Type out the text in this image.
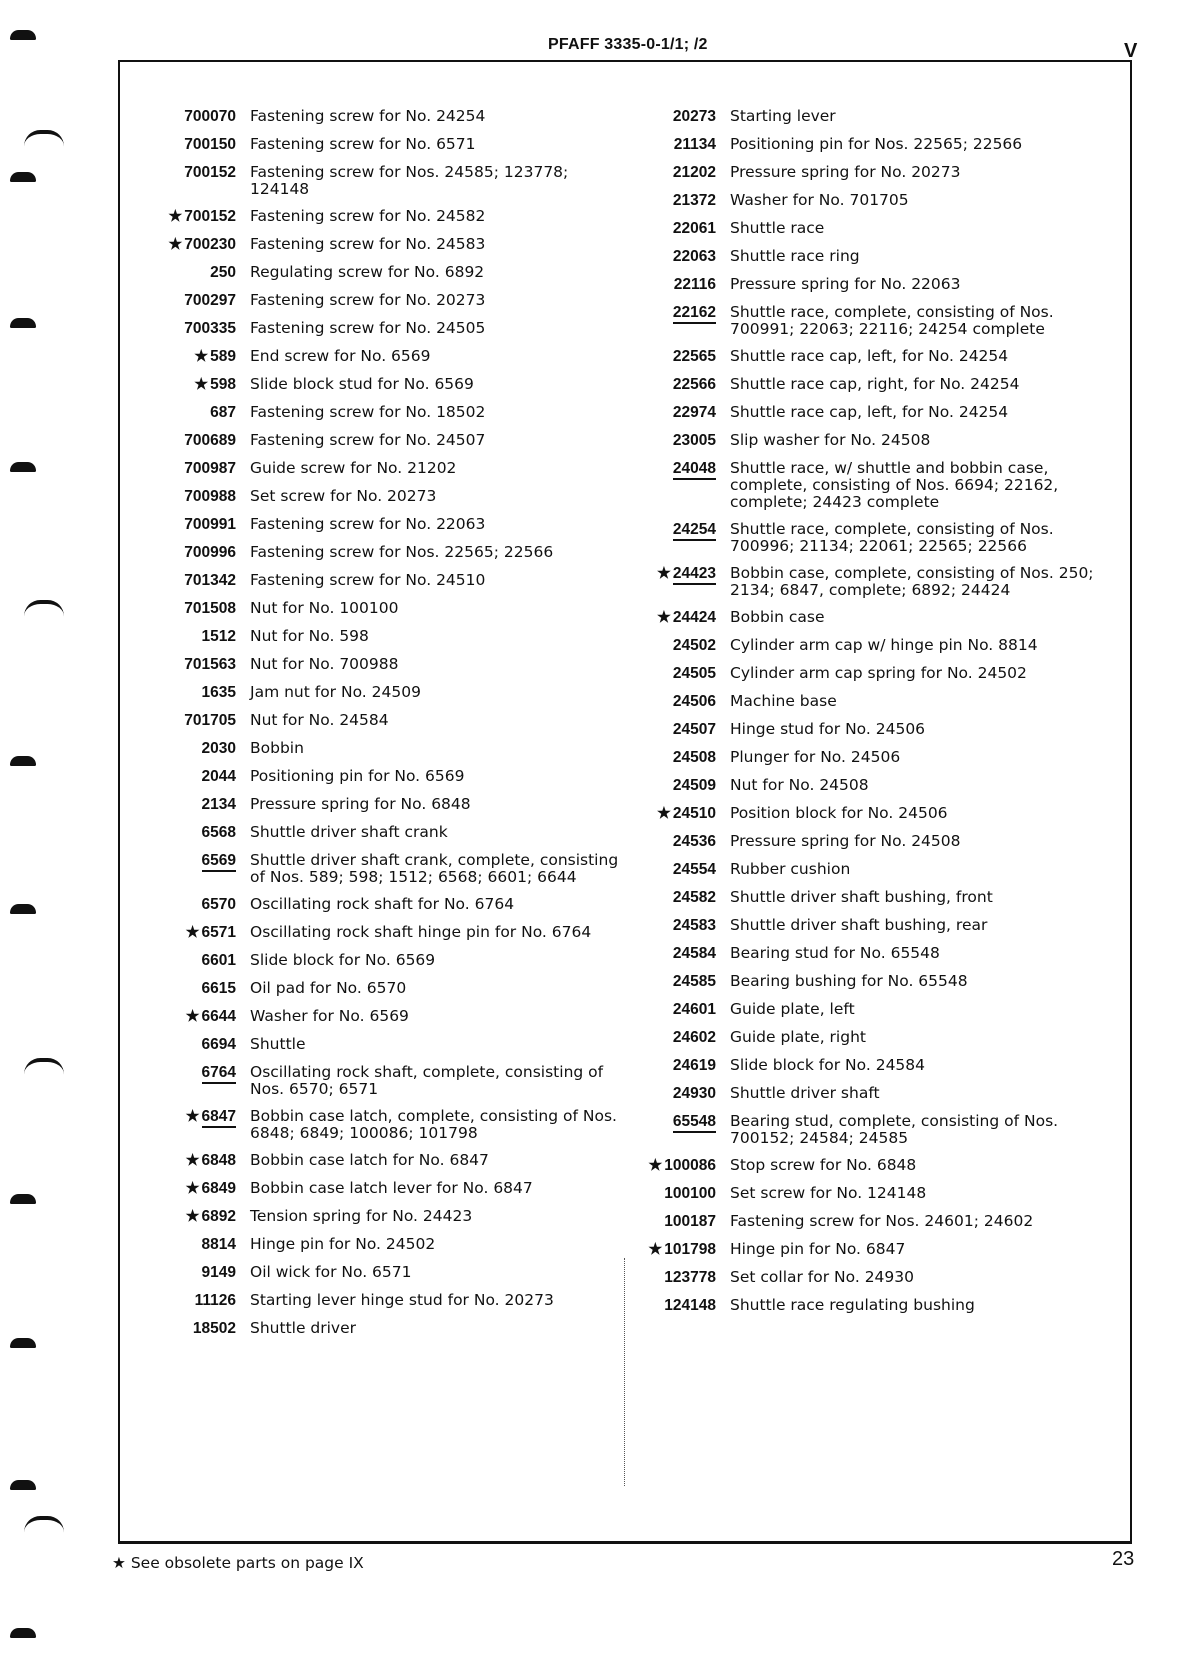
PFAFF 3335-0-1/1; /2	V
700070 Fastening screw for No. 24254
700150 Fastening screw for No. 6571
700152 Fastening screw for Nos. 24585; 123778; 124148
★ 700152 Fastening screw for No. 24582
★ 700230 Fastening screw for No. 24583
250 Regulating screw for No. 6892
700297 Fastening screw for No. 20273
700335 Fastening screw for No. 24505
★ 589 End screw for No. 6569
★ 598 Slide block stud for No. 6569
687 Fastening screw for No. 18502
700689 Fastening screw for No. 24507
700987 Guide screw for No. 21202
700988 Set screw for No. 20273
700991 Fastening screw for No. 22063
700996 Fastening screw for Nos. 22565; 22566
701342 Fastening screw for No. 24510
701508 Nut for No. 100100
1512 Nut for No. 598
701563 Nut for No. 700988
1635 Jam nut for No. 24509
701705 Nut for No. 24584
2030 Bobbin
2044 Positioning pin for No. 6569
2134 Pressure spring for No. 6848
6568 Shuttle driver shaft crank
6569 Shuttle driver shaft crank, complete, consisting of Nos. 589; 598; 1512; 6568; 6601; 6644
6570 Oscillating rock shaft for No. 6764
★ 6571 Oscillating rock shaft hinge pin for No. 6764
6601 Slide block for No. 6569
6615 Oil pad for No. 6570
★ 6644 Washer for No. 6569
6694 Shuttle
6764 Oscillating rock shaft, complete, consisting of Nos. 6570; 6571
★ 6847 Bobbin case latch, complete, consisting of Nos. 6848; 6849; 100086; 101798
★ 6848 Bobbin case latch for No. 6847
★ 6849 Bobbin case latch lever for No. 6847
★ 6892 Tension spring for No. 24423
8814 Hinge pin for No. 24502
9149 Oil wick for No. 6571
11126 Starting lever hinge stud for No. 20273
18502 Shuttle driver
20273 Starting lever
21134 Positioning pin for Nos. 22565; 22566
21202 Pressure spring for No. 20273
21372 Washer for No. 701705
22061 Shuttle race
22063 Shuttle race ring
22116 Pressure spring for No. 22063
22162 Shuttle race, complete, consisting of Nos. 700991; 22063; 22116; 24254 complete
22565 Shuttle race cap, left, for No. 24254
22566 Shuttle race cap, right, for No. 24254
22974 Shuttle race cap, left, for No. 24254
23005 Slip washer for No. 24508
24048 Shuttle race, w/ shuttle and bobbin case, complete, consisting of Nos. 6694; 22162, complete; 24423 complete
24254 Shuttle race, complete, consisting of Nos. 700996; 21134; 22061; 22565; 22566
★ 24423 Bobbin case, complete, consisting of Nos. 250; 2134; 6847, complete; 6892; 24424
★ 24424 Bobbin case
24502 Cylinder arm cap w/ hinge pin No. 8814
24505 Cylinder arm cap spring for No. 24502
24506 Machine base
24507 Hinge stud for No. 24506
24508 Plunger for No. 24506
24509 Nut for No. 24508
★ 24510 Position block for No. 24506
24536 Pressure spring for No. 24508
24554 Rubber cushion
24582 Shuttle driver shaft bushing, front
24583 Shuttle driver shaft bushing, rear
24584 Bearing stud for No. 65548
24585 Bearing bushing for No. 65548
24601 Guide plate, left
24602 Guide plate, right
24619 Slide block for No. 24584
24930 Shuttle driver shaft
65548 Bearing stud, complete, consisting of Nos. 700152; 24584; 24585
★ 100086 Stop screw for No. 6848
100100 Set screw for No. 124148
100187 Fastening screw for Nos. 24601; 24602
★ 101798 Hinge pin for No. 6847
123778 Set collar for No. 24930
124148 Shuttle race regulating bushing
★ See obsolete parts on page IX	23
